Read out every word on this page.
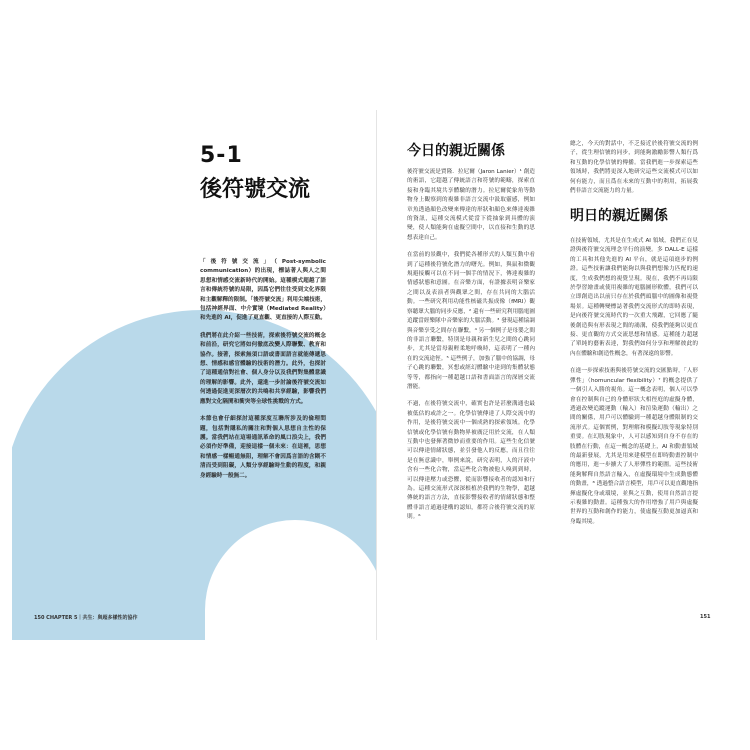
5-1
後符號交流

「後符號交流」（Post-symbolic communication）的出現，標誌著人與人之間思想和情感交流新時代的開始。這種模式超越了語言和傳統符號的局限，因爲它們往往受到文化界限和主觀解釋的限制。「後符號交流」利用尖端技術，包括神經界面、中介實境（Mediated Reality）和先進的 AI，促進了更直觀、更直接的人際互動。

我們將在此介紹一些技術，探索後符號交流的概念和前沿，研究它將如何徹底改變人際聯繫、教育和協作。接著，探索無須口語或書面語言就能傳遞思想、情感和感官體驗的技術的潛力。此外，也探討了這種通信對社會、個人身分以及我們對集體意識的理解的影響。此外，還進一步討論後符號交流如何透過促進更深層次的共鳴和共享經驗，影響我們應對文化隔閡和衝突等全球性挑戰的方式。

本節也會仔細探討這種深度互聯所涉及的倫理問題，包括對隱私的關注和對個人思想自主性的保護。當我們站在這場通訊革命的風口浪尖上，我們必須作好準備，迎接這樣一個未來：在這裡，思想和情感一樣暢通無阻，理解不會因爲言語的含糊不清而受到阻礙，人類分享經驗時生動的程度，和親身經驗時一般無二。

150 CHAPTER 5｜共生：與超多樣性的協作
今日的親近關係

後符號交流是賈隆．拉尼爾（Jaron Lanier）¹ 創造的術語，它超越了傳統語言和符號的範疇，探索直接和身臨其境共享體驗的潛力。拉尼爾從象角等動物身上觀察到的複雜非語言交流中汲取靈感，例如章魚透過顏色改變來傳達的形狀和顏色來傳達複雜的資訊，這種交流模式從當下從抽象到具體的演變，使人類能夠在虛擬空間中，以直接和生動的思想表達自己。

在當前的景觀中，我們從各種形式的人類互動中看到了這種後符號化潛力的曙光。例如，與鼠和微觀規避接觸可以在不同一個手的情況下，傳達複雜的情感狀態和意圖。在音樂方面，有證據表明音樂家之間以及表演者與觀眾之間，存在共同的大腦活動。一些研究利用功能性核磁共振成像（fMRI）觀察聽眾大腦的同步反應，² 還有一些研究利用腦電圖追蹤當經樂隊中音樂家的大腦活動。³ 發現這種協調與音樂享受之間存在聯繫，⁴ 另一個例子是母嬰之間的非語言聯繫，特別是母親和新生兒之間的心跳同步，尤其是當母親輕柔地呼喚時，這表明了一種內在的交流途徑。⁵ 這些例子，加強了腦中的協調，母子心跳的聯繫，冥想或經幻體驗中達到的集體狀態等等，都指向一種超越口語和書面語言的深層交流潛能。

不過，在後符號交流中，確實也許是甚麼溝通也最被低估的或許之一。化學信號傳達了人際交流中的作用，是後符號交流中一個成熟的探索領域。化學信號或化學信號有動物界被廣泛用於交流，在人類互動中也發揮著微妙而重要的作用。這些生化信號可以傳達情緒狀態，並引發他人的反應，而且往往是在無意識中，舉例來說，研究表明，人的汗液中含有一些化合物，當這些化合物被他人嗅到到時，可以傳達壓力或恐懼，從而影響接收者的認知和行為。這種交流形式深深根植於我們的生物學，超越傳統的語言方法，直接影響接收者的情緒狀態和整體非語言通過建構的認知，都符合後符號交流的原則。⁶

總之，今天的對話中，不乏接近於後符號交流的例子，從生理信號的同步，到能夠激勵影響人類行爲和互動的化學信號的傳播。當我們進一步探索這些領域時，我們將更深入地研究這些交流模式可以如何有能力，而且爲在未來的互動中的利用，拓展我們非語言交流能力的力量。

明日的親近關係

在技術領域，尤其是在生成式 AI 領域，我們正在見證與後符號交流理念平行的演變。多 DALL-E 這樣的工具和其他先進的 AI 平台，就是這項進步的例證。這些技術讓我們能夠以與我們想像力匹配的速度，生成我們想的視覺呈現。現在，我們不再局限於學習繪畫或使用複雜的電腦圖形軟體，我們可以立即創造出以前只存在於我們頭腦中的圖像和視覺場景。這種轉變標誌著我們交流形式的即時表現，是向後符號交流時代的一次重大飛躍，它回應了隨後創造與有形表現之間的鴻溝，使我們能夠以更直接、更直觀的方式交流思想和情感。這種能力超越了單純的藝術表達，對我們如何分享和理解彼此的內在體驗和創造性概念，有著深遠的影響。

在進一步探索技術與後符號交流的交匯點時，「人形彈性」（homuncular flexibility）⁷ 的概念提供了一個引人入勝的視角。這一概念表明，個人可以學會在控制與自己的身體形狀大相徑庭的虛擬身體，透過改變追蹤運動（輸入）和渲染運動（輸出）之間的關係，用戶可以體驗到一種超越身體限制的交流形式。這個實例，對理解和模擬幻肢等現象特別重要。在幻肢現象中，人可以感知到自身不存在的肢體在行動，在這一概念的基礎上，AI 和動畫領域的最新發展，尤其是用來建模型在即時動畫控制中的應用，進一步擴大了人形彈性的範圍。這些技術能夠解釋自然語言輸入，在虛擬環境中生成動態體的動畫，⁸ 透過整合語言模型，用戶可以更直觀地指揮虛擬化身或環境，並與之互動，使用自然語言提示複雜的動畫。這種強大的作用增強了用戶與虛擬世界的互動和創作的能力，使虛擬互動更加逼真和身臨其境。

151
